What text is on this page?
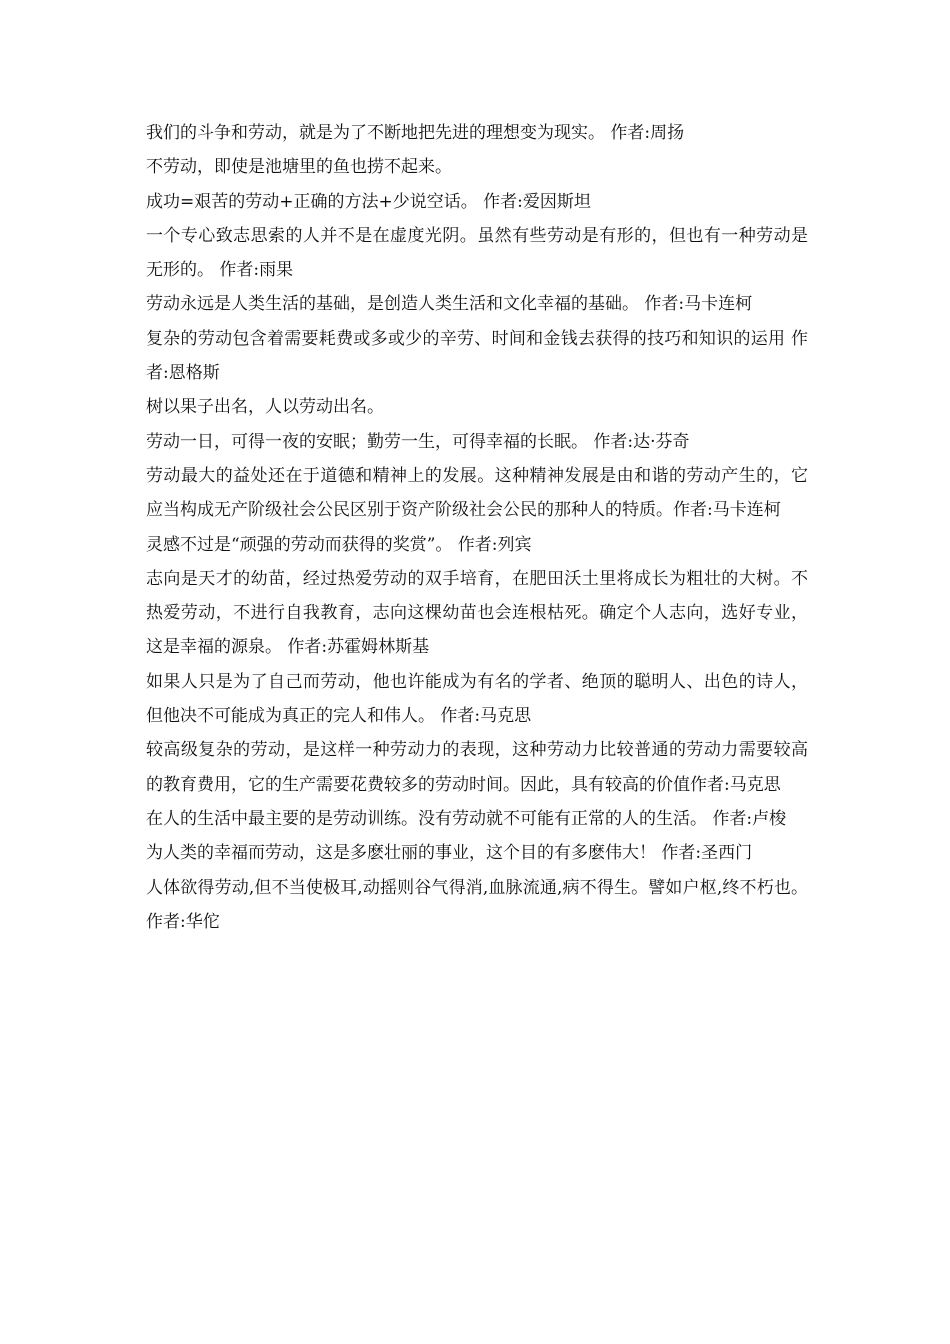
我们的斗争和劳动，就是为了不断地把先进的理想变为现实。 作者:周扬

不劳动，即使是池塘里的鱼也捞不起来。

成功=艰苦的劳动+正确的方法+少说空话。 作者:爱因斯坦

一个专心致志思索的人并不是在虚度光阴。虽然有些劳动是有形的，但也有一种劳动是无形的。 作者:雨果

劳动永远是人类生活的基础，是创造人类生活和文化幸福的基础。 作者:马卡连柯

复杂的劳动包含着需要耗费或多或少的辛劳、时间和金钱去获得的技巧和知识的运用 作者:恩格斯

树以果子出名，人以劳动出名。

劳动一日，可得一夜的安眠；勤劳一生，可得幸福的长眠。 作者:达·芬奇

劳动最大的益处还在于道德和精神上的发展。这种精神发展是由和谐的劳动产生的，它应当构成无产阶级社会公民区别于资产阶级社会公民的那种人的特质。作者:马卡连柯

灵感不过是“顽强的劳动而获得的奖赏”。 作者:列宾

志向是天才的幼苗，经过热爱劳动的双手培育，在肥田沃土里将成长为粗壮的大树。不热爱劳动，不进行自我教育，志向这棵幼苗也会连根枯死。确定个人志向，选好专业，这是幸福的源泉。 作者:苏霍姆林斯基

如果人只是为了自己而劳动，他也许能成为有名的学者、绝顶的聪明人、出色的诗人，但他决不可能成为真正的完人和伟人。 作者:马克思

较高级复杂的劳动，是这样一种劳动力的表现，这种劳动力比较普通的劳动力需要较高的教育费用，它的生产需要花费较多的劳动时间。因此，具有较高的价值作者:马克思

在人的生活中最主要的是劳动训练。没有劳动就不可能有正常的人的生活。 作者:卢梭

为人类的幸福而劳动，这是多麽壮丽的事业，这个目的有多麽伟大！ 作者:圣西门

人体欲得劳动,但不当使极耳,动摇则谷气得消,血脉流通,病不得生。譬如户枢,终不朽也。 作者:华佗
